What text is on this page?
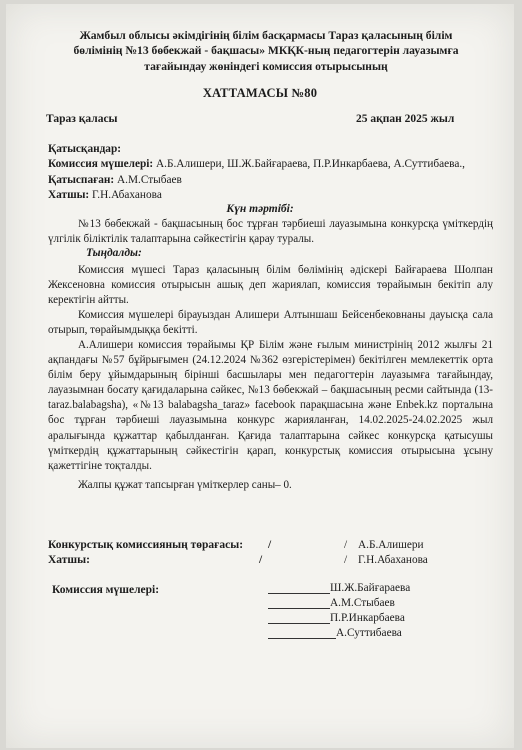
Жамбыл облысы әкімдігінің білім басқармасы Тараз қаласының білім
бөлімінің №13 бөбекжай - бақшасы» МКҚК-ның педагогтерін лауазымға
тағайындау жөніндегі комиссия отырысының
ХАТТАМАСЫ №80
Тараз қаласы	25 ақпан 2025 жыл
Қатысқандар:
Комиссия мүшелері: А.Б.Алишери, Ш.Ж.Байғараева, П.Р.Инкарбаева, А.Суттибаева.,
Қатыспаған: А.М.Стыбаев
Хатшы: Г.Н.Абаханова
Күн тәртібі:
№13 бөбекжай - бақшасының бос тұрған тәрбиеші лауазымына конкурсқа үміткердің үлгілік біліктілік талаптарына сәйкестігін қарау туралы.
Тыңдалды:
Комиссия мүшесі Тараз қаласының білім бөлімінің әдіскері Байғараева Шолпан Жексеновна комиссия отырысын ашық деп жариялап, комиссия төрайымын бекітіп алу керектігін айтты.
Комиссия мүшелері бірауыздан Алишери Алтыншаш Бейсенбековнаны дауысқа сала отырып, төрайымдыққа бекітті.
А.Алишери комиссия төрайымы ҚР Білім және ғылым министрінің 2012 жылғы 21 ақпандағы №57 бұйрығымен (24.12.2024 №362 өзгерістерімен) бекітілген мемлекеттік орта білім беру ұйымдарының бірінші басшылары мен педагогтерін лауазымға тағайындау, лауазымнан босату қағидаларына сәйкес, №13 бөбекжай – бақшасының ресми сайтында (13-taraz.balabagsha), «№13 balabagsha_taraz» facebook парақшасына және Enbek.kz порталына бос тұрған тәрбиеші лауазымына конкурс жарияланған, 14.02.2025-24.02.2025 жыл аралығында құжаттар қабылданған. Қағида талаптарына сәйкес конкурсқа қатысушы үміткердің құжаттарының сәйкестігін қарап, конкурстық комиссия отырысына ұсыну қажеттігіне тоқталды.
Жалпы құжат тапсырған үміткерлер саны– 0.
Конкурстық комиссияның төрағасы: /	/ А.Б.Алишери
Хатшы:	/	/ Г.Н.Абаханова
Комиссия мүшелері:	Ш.Ж.Байғараева
А.М.Стыбаев
П.Р.Инкарбаева
А.Суттибаева
